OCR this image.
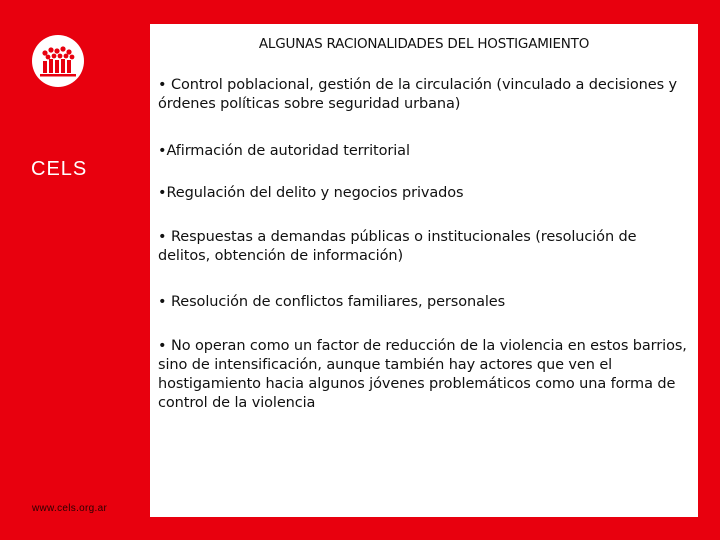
CELS
www.cels.org.ar
ALGUNAS RACIONALIDADES DEL HOSTIGAMIENTO
• Control poblacional, gestión de la circulación (vinculado a decisiones y órdenes políticas sobre seguridad urbana)
•Afirmación de autoridad territorial
•Regulación del delito y negocios privados
• Respuestas a demandas públicas o institucionales (resolución de delitos, obtención de información)
• Resolución de conflictos familiares, personales
• No operan como un factor de reducción de la violencia en estos barrios, sino de intensificación, aunque también hay actores que ven el hostigamiento hacia algunos jóvenes problemáticos como una forma de control de la violencia
